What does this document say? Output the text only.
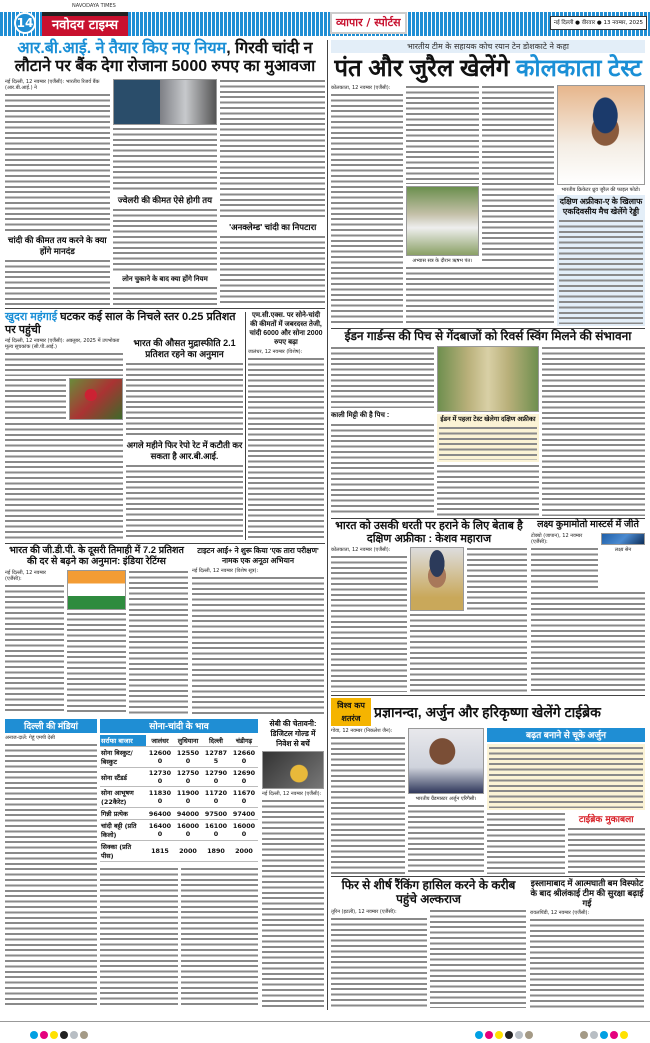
14
NAVODAYA TIMES
नवोदय टाइम्स	व्यापार / स्पोर्टस	नई दिल्ली ● वीरवार ● 13 नवम्बर, 2025
आर.बी.आई. ने तैयार किए नए नियम, गिरवी चांदी न लौटाने पर बैंक देगा रोजाना 5000 रुपए का मुआवजा
नई दिल्ली, 12 नवम्बर (एजैंसी): भारतीय रिजर्व बैंक (आर.बी.आई.) ने
चांदी की कीमत तय करने के क्या होंगे मानदंड
ज्वेलरी की कीमत ऐसे होगी तय
लोन चुकाने के बाद क्या होंगे नियम
'अनक्लेम्ड' चांदी का निपटारा
खुदरा महंगाई घटकर कई साल के निचले स्तर 0.25 प्रतिशत पर पहुंची
नई दिल्ली, 12 नवम्बर (एजैंसी): अक्तूबर, 2025 में उपभोक्ता मूल्य सूचकांक (सी.पी.आई.)	भारत की औसत मुद्रास्फीति 2.1 प्रतिशत रहने का अनुमान
अगले महीने फिर रेपो रेट में कटौती कर सकता है आर.बी.आई.
एम.सी.एक्स. पर सोने-चांदी की कीमतों में जबरदस्त तेजी, चांदी 6000 और सोना 2000 रुपए बढ़ा
जालंधर, 12 नवम्बर (विशेष):
भारत की जी.डी.पी. के दूसरी तिमाही में 7.2 प्रतिशत की दर से बढ़ने का अनुमान: इंडिया रेटिंग्स
नई दिल्ली, 12 नवम्बर (एजैंसी):
टाइटन आई+ ने शुरू किया 'एक तारा परीक्षण' नामक एक अनूठा अभियान
नई दिल्ली, 12 नवम्बर (विशेष सूत्र):
दिल्ली की मंडियां
अनाज-दालें: गेहूं एमपी देसी
सोना-चांदी के भाव
सर्राफा बाजार	जालंधर	लुधियाना	दिल्ली	चंडीगढ़
सोना बिस्कुट/बिस्कुट	126000	125500	127875	126600
सोना स्टैंडर्ड	127300	127500	127900	126900
सोना आभूषण (22कैरेट)	118300	119000	117200	116700
गिन्नी प्रत्येक	96400	94000	97500	97400
चांदी बट्टी (प्रति किलो)	164000	160000	161000	160000
सिक्का (प्रति पीस)	1815	2000	1890	2000
सेबी की चेतावनी: डिजिटल गोल्ड में निवेश से बचें
नई दिल्ली, 12 नवम्बर (एजैंसी):
भारतीय टीम के सहायक कोच रयान टेन डोशकाटे ने कहा
पंत और जुरैल खेलेंगे कोलकाता टेस्ट
कोलकाता, 12 नवम्बर (एजैंसी):
अभ्यास सत्र के दौरान ऋषभ पंत।
भारतीय क्रिकेटर ध्रुव जुरैल की फाइल फोटो।
दक्षिण अफ्रीका-ए के खिलाफ एकदिवसीय मैच खेलेंगे रेड्डी
ईडन गार्डन्स की पिच से गेंदबाजों को रिवर्स स्विंग मिलने की संभावना
काली मिट्टी की है पिच :
ईडन में पहला टेस्ट खेलेगा दक्षिण अफ्रीका
भारत को उसकी धरती पर हराने के लिए बेताब है दक्षिण अफ्रीका : केशव महाराज
कोलकाता, 12 नवम्बर (एजैंसी):
लक्ष्य कुमामोतो मास्टर्स में जीते
टोक्यो (जापान), 12 नवम्बर (एजैंसी):
लक्ष्य सेन
विश्व कप शतरंज प्रज्ञानन्दा, अर्जुन और हरिकृष्णा खेलेंगे टाईब्रेक
गोवा, 12 नवम्बर (निकलेश जैन):
भारतीय ग्रैंडमास्टर अर्जुन एरिगैसी।
बढ़त बनाने से चूके अर्जुन
टाईब्रेक मुकाबला
फिर से शीर्ष रैंकिंग हासिल करने के करीब पहुंचे अल्कराज
तूरिन (इटली), 12 नवम्बर (एजैंसी):
इस्लामाबाद में आत्मघाती बम विस्फोट के बाद श्रीलंकाई टीम की सुरक्षा बढ़ाई गई
रावलपिंडी, 12 नवम्बर (एजैंसी):
